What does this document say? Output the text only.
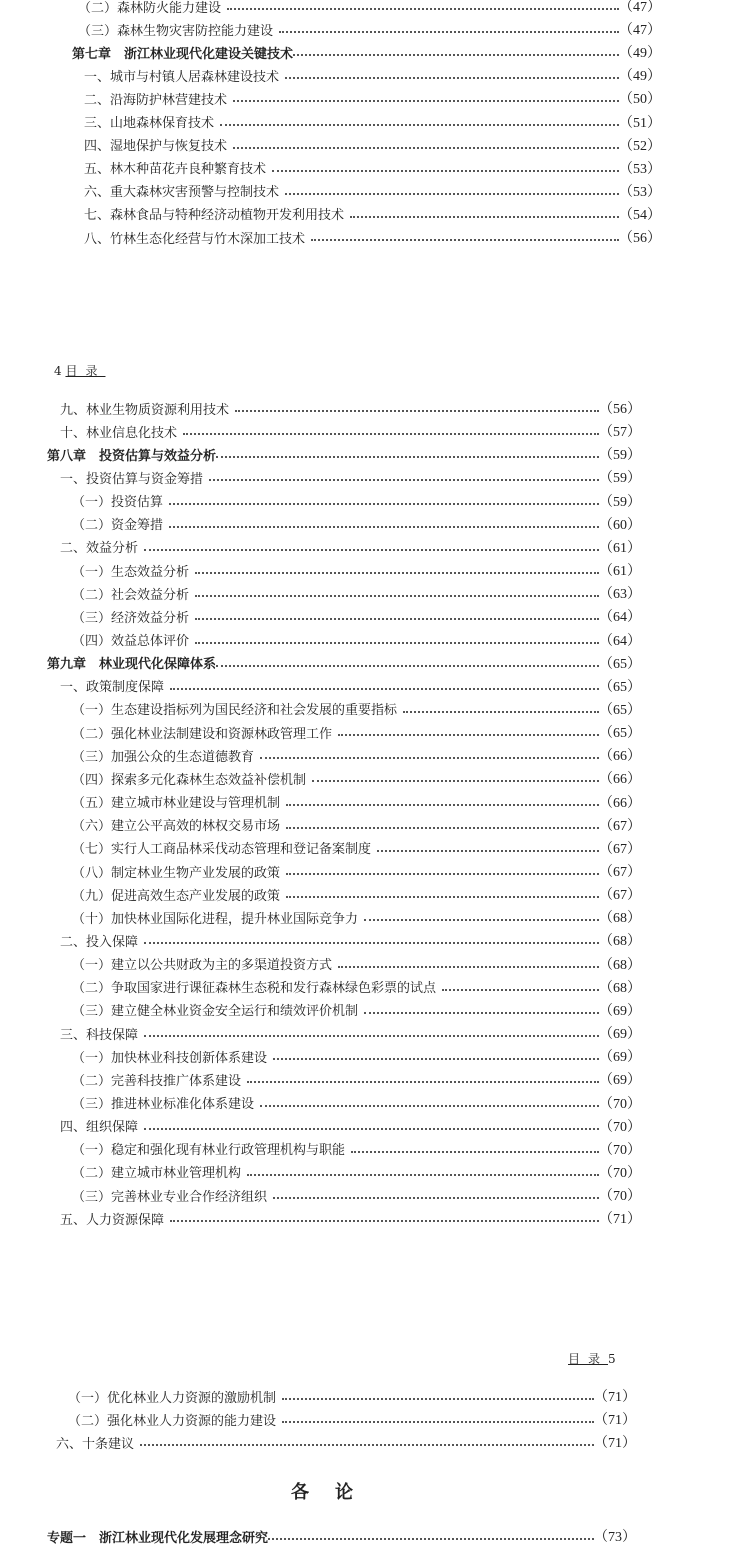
（二）森林防火能力建设	（47）
（三）森林生物灾害防控能力建设	（47）
第七章　浙江林业现代化建设关键技术	（49）
一、城市与村镇人居森林建设技术	（49）
二、沿海防护林营建技术	（50）
三、山地森林保育技术	（51）
四、湿地保护与恢复技术	（52）
五、林木种苗花卉良种繁育技术	（53）
六、重大森林灾害预警与控制技术	（53）
七、森林食品与特种经济动植物开发利用技术	（54）
八、竹林生态化经营与竹木深加工技术	（56）
4 目录
九、林业生物质资源利用技术	（56）
十、林业信息化技术	（57）
第八章　投资估算与效益分析	（59）
一、投资估算与资金筹措	（59）
（一）投资估算	（59）
（二）资金筹措	（60）
二、效益分析	（61）
（一）生态效益分析	（61）
（二）社会效益分析	（63）
（三）经济效益分析	（64）
（四）效益总体评价	（64）
第九章　林业现代化保障体系	（65）
一、政策制度保障	（65）
（一）生态建设指标列为国民经济和社会发展的重要指标	（65）
（二）强化林业法制建设和资源林政管理工作	（65）
（三）加强公众的生态道德教育	（66）
（四）探索多元化森林生态效益补偿机制	（66）
（五）建立城市林业建设与管理机制	（66）
（六）建立公平高效的林权交易市场	（67）
（七）实行人工商品林采伐动态管理和登记备案制度	（67）
（八）制定林业生物产业发展的政策	（67）
（九）促进高效生态产业发展的政策	（67）
（十）加快林业国际化进程，提升林业国际竞争力	（68）
二、投入保障	（68）
（一）建立以公共财政为主的多渠道投资方式	（68）
（二）争取国家进行课征森林生态税和发行森林绿色彩票的试点	（68）
（三）建立健全林业资金安全运行和绩效评价机制	（69）
三、科技保障	（69）
（一）加快林业科技创新体系建设	（69）
（二）完善科技推广体系建设	（69）
（三）推进林业标准化体系建设	（70）
四、组织保障	（70）
（一）稳定和强化现有林业行政管理机构与职能	（70）
（二）建立城市林业管理机构	（70）
（三）完善林业专业合作经济组织	（70）
五、人力资源保障	（71）
目录5
（一）优化林业人力资源的激励机制	（71）
（二）强化林业人力资源的能力建设	（71）
六、十条建议	（71）
各论
专题一　浙江林业现代化发展理念研究	（73）
